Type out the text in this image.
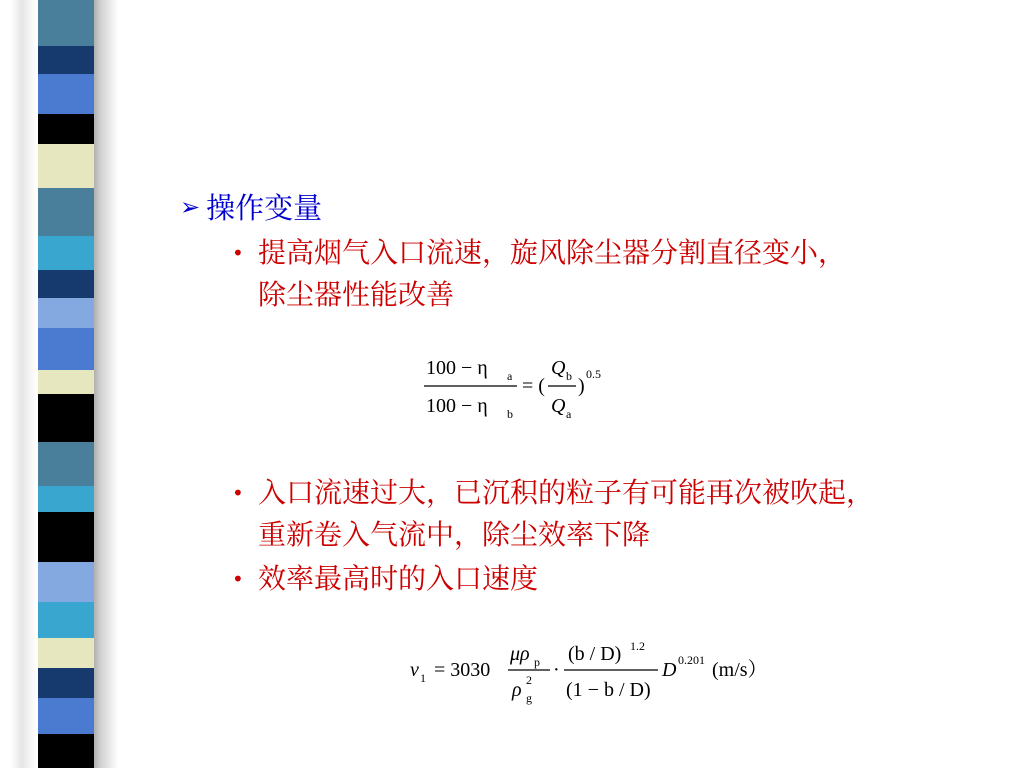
➢ 操作变量
• 提高烟气入口流速，旋风除尘器分割直径变小，
除尘器性能改善
100 − η a
100 − η b
= (
Q b
Q a
)
0.5
• 入口流速过大，已沉积的粒子有可能再次被吹起，
重新卷入气流中，除尘效率下降
• 效率最高时的入口速度
v 1 = 3030
μρ p
ρ 2
g
·
(b / D) 1.2
(1 − b / D)
D 0.201 (m/s）
